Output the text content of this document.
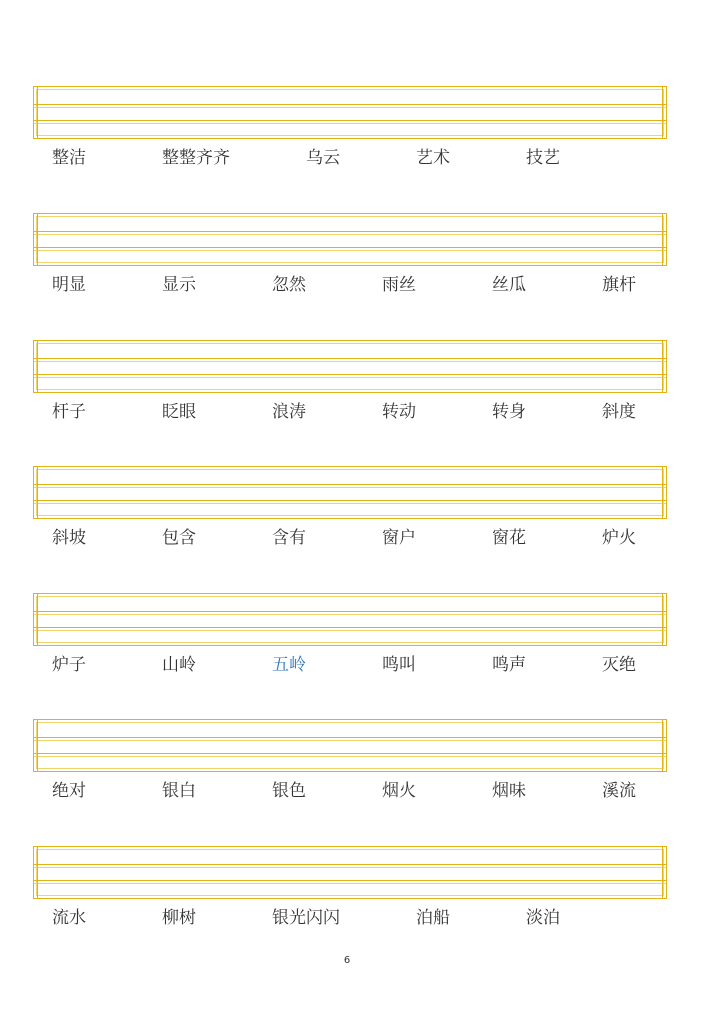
整洁	整整齐齐	乌云	艺术	技艺
明显	显示	忽然	雨丝	丝瓜	旗杆
杆子	眨眼	浪涛	转动	转身	斜度
斜坡	包含	含有	窗户	窗花	炉火
炉子	山岭	五岭	鸣叫	鸣声	灭绝
绝对	银白	银色	烟火	烟味	溪流
流水	柳树	银光闪闪	泊船	淡泊
6
